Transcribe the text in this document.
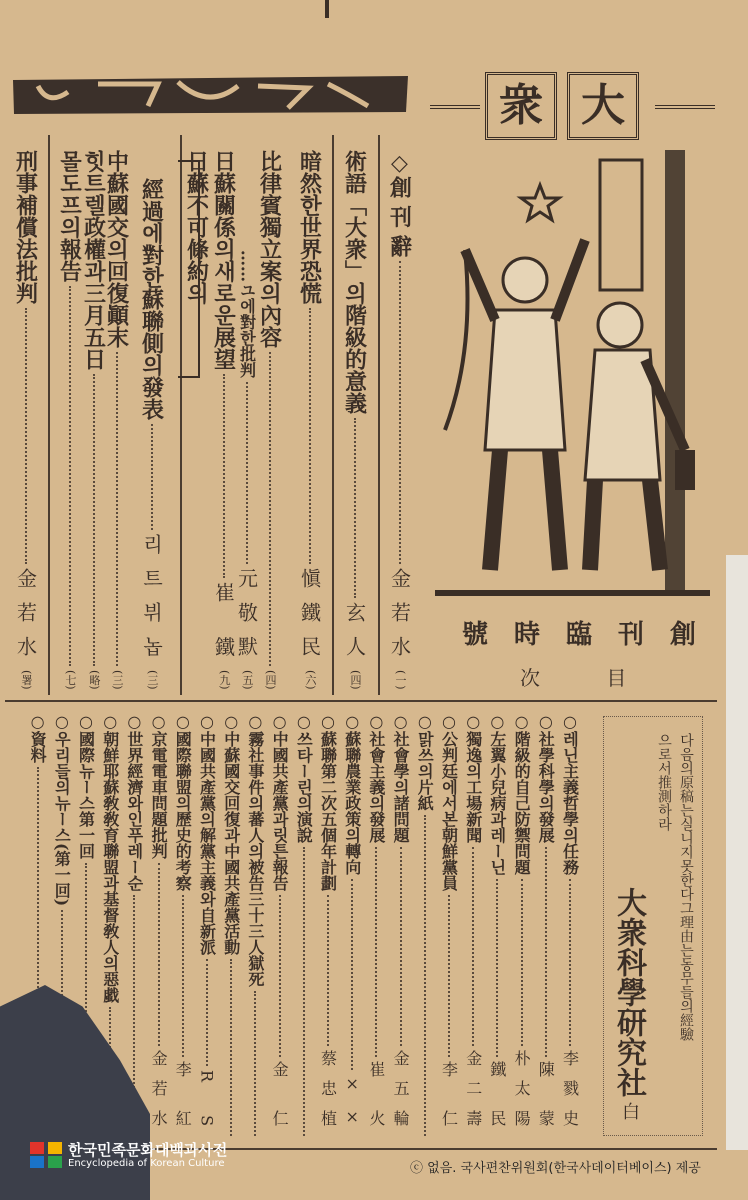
衆 大
號時臨刊創
次 目
◇創 刊 辭
金若水
(一)
術語「大衆」의階級的意義
玄人
(四)
暗然한世界恐慌
愼鐵民
(六)
比律賓獨立案의內容
(四)
……ユ에對한批判
元敬默
(五)
日蘇關係의새로운展望
崔 鐵
(九)
日蘇不可條約의
經過에對한蘇聯側의發表
리트뷔놉
(三)
中蘇國交의回復顚末
(三)
힛트렐政權과三月五日
(略)
몰도프의報告
(七)
刑事補償法批判
金若水
(署)
다음의原稿는실니지못한다그理由는동무들의經驗
으로서推測하라
大衆科學研究社
白
○레닌主義哲學의任務
李戮史
○社學科學의發展
陳 蒙
○階級的自己防禦問題
朴太陽
○左翼小兒病과레ー닌
鐵 民
○獨逸의工場新聞
金二壽
○公判廷에서본朝鮮黨員
李 仁
○맑쓰의片紙
○社會學의諸問題
金五輪
○社會主義의發展
崔 火
○蘇聯農業政策의轉向
××
○蘇聯第二次五個年計劃
蔡忠植
○쓰타ー린의演說
○中國共產黨과릿튼報告
金 仁
○霧社事件의蕃人의被告三十三人獄死
○中蘇國交回復과中國共產黨活動
○中國共產黨의解黨主義와自新派
R S
○國際聯盟의歷史的考察
李 紅
○京電電車問題批判
金若水
○世界經濟와인푸레ー순
○朝鮮耶蘇敎敎育聯盟과基督敎人의惡戱
○國際뉴ー스第一回
○우리들의뉴ー스(第一回)
○資料
한국민족문화대백과사전
Encyclopedia of Korean Culture	ⓒ 없음. 국사편찬위원회(한국사데이터베이스) 제공
